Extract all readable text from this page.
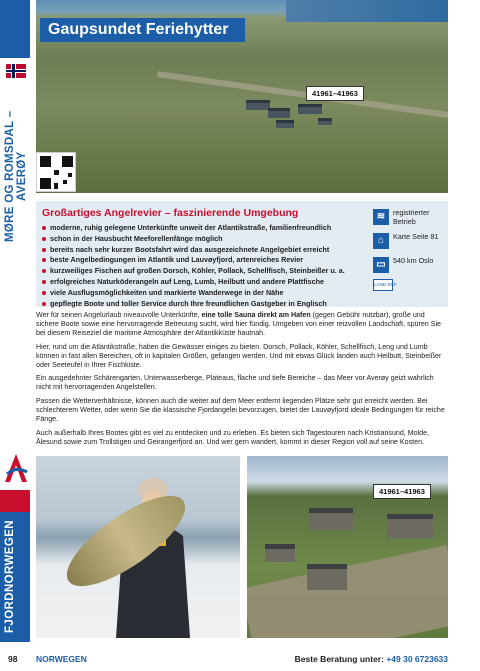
MØRE OG ROMSDAL – AVERØY
FJORDNORWEGEN
41961–41963
Gaupsundet Feriehytter
Großartiges Angelrevier – faszinierende Umgebung
moderne, ruhig gelegene Unterkünfte unweit der Atlantikstraße, familienfreundlich
schon in der Hausbucht Meeforellenfänge möglich
bereits nach sehr kurzer Bootsfahrt wird das ausgezeichnete Angelgebiet erreicht
beste Angelbedingungen im Atlantik und Lauvøyfjord, artenreiches Revier
kurzweiliges Fischen auf großen Dorsch, Köhler, Pollack, Schellfisch, Steinbeißer u. a.
erfolgreiches Naturköderangeln auf Leng, Lumb, Heilbutt und andere Plattfische
viele Ausflugsmöglichkeiten und markierte Wanderwege in der Nähe
gepflegte Boote und toller Service durch Ihre freundlichen Gastgeber in Englisch
≋	registrierter Betrieb
⌂	Karte Seite 81
▭	540 km Oslo
LAND·ERF

Wer für seinen Angelurlaub niveauvolle Unterkünfte, eine tolle Sauna direkt am Hafen (gegen Gebühr nutzbar), große und sichere Boote sowie eine hervorragende Betreuung sucht, wird hier fündig. Umgeben von einer reizvollen Landschaft, spüren Sie bei diesem Reiseziel die maritime Atmosphäre der Atlantikküste hautnah.

Hier, rund um die Atlantikstraße, haben die Gewässer einiges zu bieten. Dorsch, Pollack, Köhler, Schellfisch, Leng und Lumb können in fast allen Bereichen, oft in kapitalen Größen, gefangen werden. Und mit etwas Glück landen auch Heilbutt, Steinbeißer oder Seeteufel in Ihrer Fischkiste.

Ein ausgedehnter Schärengarten, Unterwasserberge, Plateaus, flache und tiefe Bereiche – das Meer vor Averøy geizt wahrlich nicht mit hervorragenden Angelstellen.

Passen die Wetterverhältnisse, können auch die weiter auf dem Meer entfernt liegenden Plätze sehr gut erreicht werden. Bei schlechterem Wetter, oder wenn Sie die klassische Fjordangelei bevorzugen, bietet der Lauvøyfjord ideale Bedingungen für reiche Fänge.

Auch außerhalb Ihres Bootes gibt es viel zu entdecken und zu erleben. Es bieten sich Tagestouren nach Kristiansund, Molde, Ålesund sowie zum Trollstigen und Geirangerfjord an. Und wer gern wandert, kommt in dieser Region voll auf seine Kosten.

41961–41963
98 NORWEGEN	Beste Beratung unter: +49 30 6723633
